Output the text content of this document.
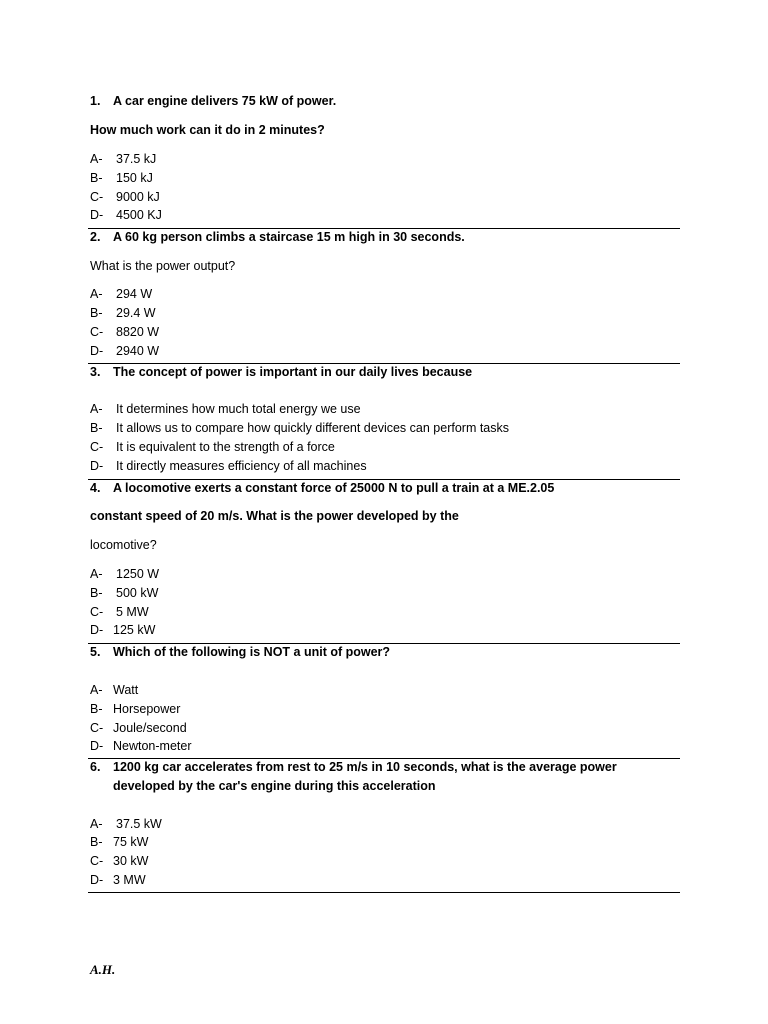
1. A car engine delivers 75 kW of power.
How much work can it do in 2 minutes?
A- 37.5 kJ
B- 150 kJ
C- 9000 kJ
D- 4500 KJ
2. A 60 kg person climbs a staircase 15 m high in 30 seconds.
What is the power output?
A- 294 W
B- 29.4 W
C- 8820 W
D- 2940 W
3. The concept of power is important in our daily lives because
A- It determines how much total energy we use
B- It allows us to compare how quickly different devices can perform tasks
C- It is equivalent to the strength of a force
D- It directly measures efficiency of all machines
4. A locomotive exerts a constant force of 25000 N to pull a train at a ME.2.05
constant speed of 20 m/s. What is the power developed by the
locomotive?
A- 1250 W
B- 500 kW
C- 5 MW
D- 125 kW
5. Which of the following is NOT a unit of power?
A- Watt
B- Horsepower
C- Joule/second
D- Newton-meter
6. 1200 kg car accelerates from rest to 25 m/s in 10 seconds, what is the average power
developed by the car's engine during this acceleration
A- 37.5 kW
B- 75 kW
C- 30 kW
D- 3 MW
A.H.
